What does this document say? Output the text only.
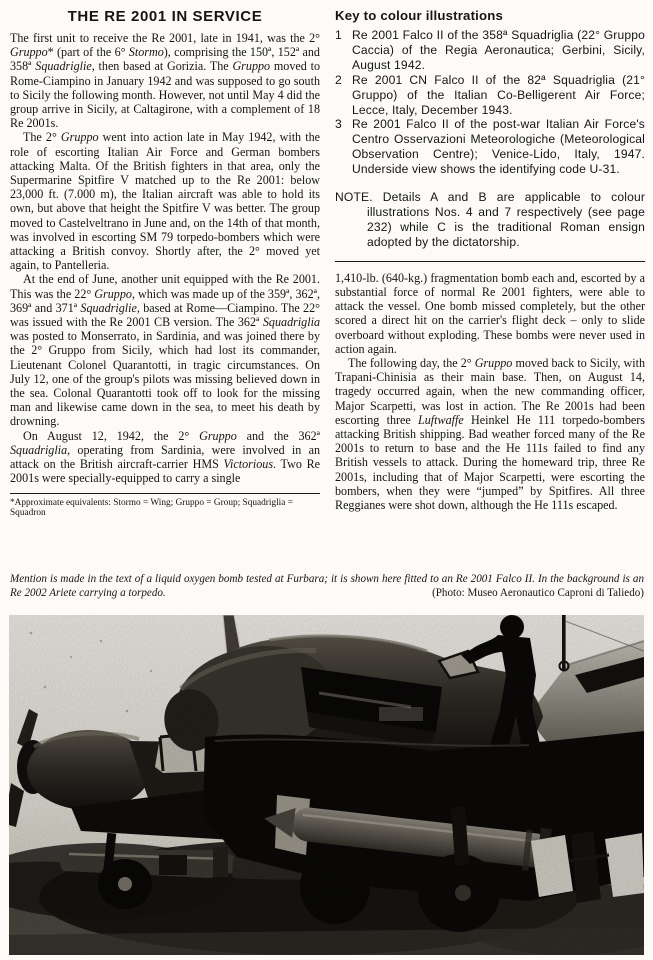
THE RE 2001 IN SERVICE

The first unit to receive the Re 2001, late in 1941, was the 2° Gruppo* (part of the 6° Stormo), comprising the 150ª, 152ª and 358ª Squadriglie, then based at Gorizia. The Gruppo moved to Rome-Ciampino in January 1942 and was supposed to go south to Sicily the following month. However, not until May 4 did the group arrive in Sicily, at Caltagirone, with a complement of 18 Re 2001s.

The 2° Gruppo went into action late in May 1942, with the role of escorting Italian Air Force and German bombers attacking Malta. Of the British fighters in that area, only the Supermarine Spitfire V matched up to the Re 2001: below 23,000 ft. (7.000 m), the Italian aircraft was able to hold its own, but above that height the Spitfire V was better. The group moved to Castelveltrano in June and, on the 14th of that month, was involved in escorting SM 79 torpedo-bombers which were attacking a British convoy. Shortly after, the 2° moved yet again, to Pantelleria.

At the end of June, another unit equipped with the Re 2001. This was the 22° Gruppo, which was made up of the 359ª, 362ª, 369ª and 371ª Squadriglie, based at Rome—Ciampino. The 22° was issued with the Re 2001 CB version. The 362ª Squadriglia was posted to Monserrato, in Sardinia, and was joined there by the 2° Gruppo from Sicily, which had lost its commander, Lieutenant Colonel Quarantotti, in tragic circumstances. On July 12, one of the group's pilots was missing believed down in the sea. Colonal Quarantotti took off to look for the missing man and likewise came down in the sea, to meet his death by drowning.

On August 12, 1942, the 2° Gruppo and the 362ª Squadriglia, operating from Sardinia, were involved in an attack on the British aircraft-carrier HMS Victorious. Two Re 2001s were specially-equipped to carry a single

*Approximate equivalents: Stormo = Wing; Gruppo = Group; Squadriglia = Squadron

Key to colour illustrations
1 Re 2001 Falco II of the 358ª Squadriglia (22° Gruppo Caccia) of the Regia Aeronautica; Gerbini, Sicily, August 1942.
2 Re 2001 CN Falco II of the 82ª Squadriglia (21° Gruppo) of the Italian Co-Belligerent Air Force; Lecce, Italy, December 1943.
3 Re 2001 Falco II of the post-war Italian Air Force's Centro Osservazioni Meteorologiche (Meteorological Observation Centre); Venice-Lido, Italy, 1947. Underside view shows the identifying code U-31.

NOTE. Details A and B are applicable to colour illustrations Nos. 4 and 7 respectively (see page 232) while C is the traditional Roman ensign adopted by the dictatorship.

1,410-lb. (640-kg.) fragmentation bomb each and, escorted by a substantial force of normal Re 2001 fighters, were able to attack the vessel. One bomb missed completely, but the other scored a direct hit on the carrier's flight deck – only to slide overboard without exploding. These bombs were never used in action again.

The following day, the 2° Gruppo moved back to Sicily, with Trapani-Chinisia as their main base. Then, on August 14, tragedy occurred again, when the new commanding officer, Major Scarpetti, was lost in action. The Re 2001s had been escorting three Luftwaffe Heinkel He 111 torpedo-bombers attacking British shipping. Bad weather forced many of the Re 2001s to return to base and the He 111s failed to find any British vessels to attack. During the homeward trip, three Re 2001s, including that of Major Scarpetti, were escorting the bombers, when they were “jumped” by Spitfires. All three Reggianes were shot down, although the He 111s escaped.

Mention is made in the text of a liquid oxygen bomb tested at Furbara; it is shown here fitted to an Re 2001 Falco II. In the background is an Re 2002 Ariete carrying a torpedo.	(Photo: Museo Aeronautico Caproni di Taliedo)
